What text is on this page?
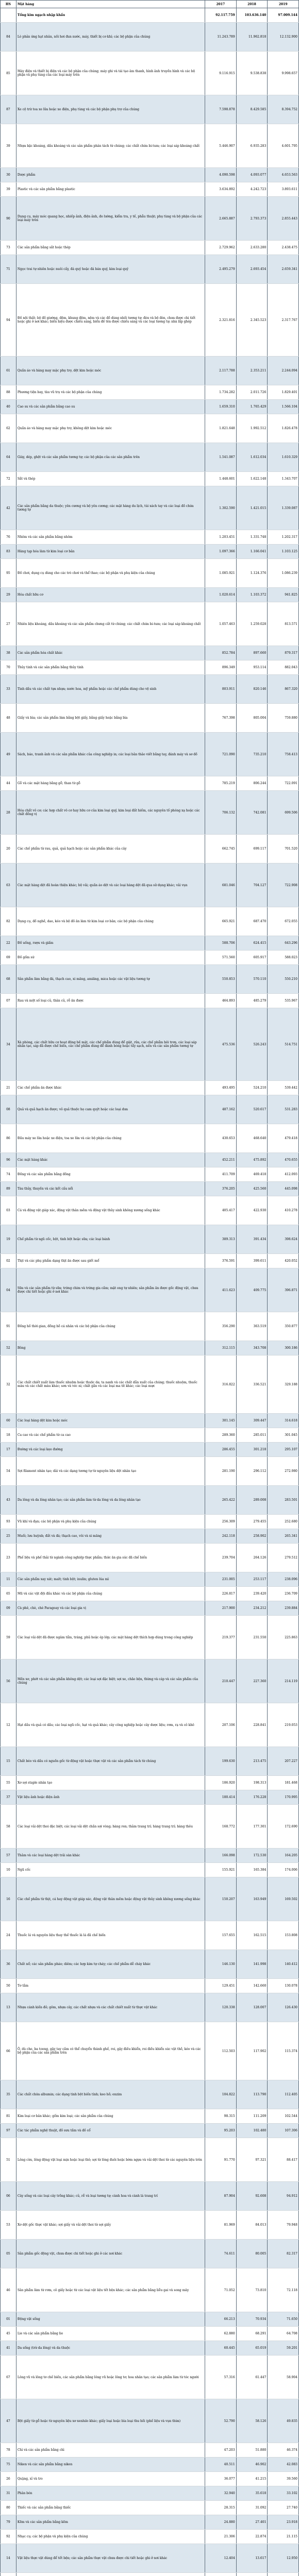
HS	Mặt hàng	2017	2018	2019
	Tổng kim ngạch nhập khẩu	92.117.759	103.636.140	97.009.144
84	Lò phản ứng hạt nhân, nồi hơi đun nước, máy, thiết bị cơ khí; các bộ phận của chúng	11.243.789	11.962.818	12.132.900
85	Máy điện và thiết bị điện và các bộ phận của chúng; máy ghi và tái tạo âm thanh, hình ảnh truyền hình và các bộ phận và phụ tùng của các loại máy trên	9.116.915	9.538.838	9.998.657
87	Xe cộ trừ toa xe lửa hoặc xe điện, phụ tùng và các bộ phận phụ trợ của chúng	7.598.878	8.429.585	8.394.752
39	Nhựa bậc khoáng, dầu khoáng và các sản phẩm phân tách từ chúng; các chất chứa bi-tum; các loại sáp khoáng chất	5.446.907	6.935.283	4.601.795
30	Dược phẩm	4.090.598	4.093.077	4.653.563
39	Plastic và các sản phẩm bằng plastic	3.634.892	4.242.723	3.893.611
90	Dụng cụ, máy móc quang học, nhiếp ảnh, điện ảnh, đo lường, kiểm tra, y tế, phẫu thuật; phụ tùng và bộ phận của các loại máy trên	2.665.887	2.793.373	2.855.443
73	Các sản phẩm bằng sắt hoặc thép	2.729.962	2.633.280	2.438.475
71	Ngọc trai tự nhiên hoặc nuôi cấy, đá quý hoặc đá bán quý, kim loại quý	2.495.279	2.693.454	2.659.341
94	Đồ nội thất; bộ đồ giường, đệm, khung đệm, nệm và các đồ dùng nhồi tương tự; đèn và bộ đèn, chưa được chi tiết hoặc ghi ở nơi khác; biển hiệu được chiếu sáng, biển đề tên được chiếu sáng và các loại tương tự; nhà lắp ghép	2.321.816	2.345.523	2.317.767
61	Quần áo và hàng may mặc phụ trợ, dệt kim hoặc móc	2.117.788	2.353.211	2.244.094
88	Phương tiện bay, tàu vũ trụ và các bộ phận của chúng	1.734.282	2.011.726	1.829.401
40	Cao su và các sản phẩm bằng cao su	1.659.310	1.765.429	1.566.104
62	Quần áo và hàng may mặc phụ trợ, không dệt kim hoặc móc	1.821.648	1.992.512	1.826.478
64	Giày, dép, ghệt và các sản phẩm tương tự; các bộ phận của các sản phẩm trên	1.541.087	1.612.034	1.610.329
72	Sắt và thép	1.448.601	1.622.148	1.343.707
42	Các sản phẩm bằng da thuộc; yên cương và bộ yên cương; các mặt hàng du lịch, túi xách tay và các loại đồ chứa tương tự	1.302.590	1.421.015	1.339.087
76	Nhôm và các sản phẩm bằng nhôm	1.203.451	1.331.748	1.202.317
83	Hàng tạp hóa làm từ kim loại cơ bản	1.097.366	1.166.041	1.103.125
95	Đồ chơi, dụng cụ dùng cho các trò chơi và thể thao; các bộ phận và phụ kiện của chúng	1.085.921	1.124.376	1.086.239
29	Hóa chất hữu cơ	1.020.614	1.103.372	941.825
27	Nhiên liệu khoáng, dầu khoáng và các sản phẩm chưng cất từ chúng; các chất chứa bi-tum; các loại sáp khoáng chất	1.057.463	1.259.028	813.571
38	Các sản phẩm hóa chất khác	852.784	897.660	879.317
70	Thủy tinh và các sản phẩm bằng thủy tinh	896.349	953.114	882.043
33	Tinh dầu và các chất tựa nhựa; nước hoa, mỹ phẩm hoặc các chế phẩm dùng cho vệ sinh	803.911	820.146	867.320
48	Giấy và bìa; các sản phẩm làm bằng bột giấy, bằng giấy hoặc bằng bìa	767.398	805.004	759.880
49	Sách, báo, tranh ảnh và các sản phẩm khác của công nghiệp in; các loại bản thảo viết bằng tay, đánh máy và sơ đồ	721.090	735.210	758.413
44	Gỗ và các mặt hàng bằng gỗ; than từ gỗ	785.219	806.244	722.091
28	Hóa chất vô cơ; các hợp chất vô cơ hay hữu cơ của kim loại quý, kim loại đất hiếm, các nguyên tố phóng xạ hoặc các chất đồng vị	706.132	742.081	699.506
20	Các chế phẩm từ rau, quả, quả hạch hoặc các sản phẩm khác của cây	662.745	699.117	701.520
63	Các mặt hàng dệt đã hoàn thiện khác; bộ vải; quần áo dệt và các loại hàng dệt đã qua sử dụng khác; vải vụn	681.046	704.127	722.908
82	Dụng cụ, đồ nghề, dao, kéo và bộ đồ ăn làm từ kim loại cơ bản; các bộ phận của chúng	665.921	687.470	672.055
22	Đồ uống, rượu và giấm	588.706	624.415	643.296
69	Đồ gốm sứ	571.560	605.917	588.023
68	Sản phẩm làm bằng đá, thạch cao, xi măng, amiăng, mica hoặc các vật liệu tương tự	550.853	570.110	550.210
07	Rau và một số loại củ, thân củ, rễ ăn được	464.893	485.279	535.967
34	Xà phòng, các chất hữu cơ hoạt động bề mặt, các chế phẩm dùng để giặt, rửa, các chế phẩm bôi trơn, các loại sáp nhân tạo, sáp đã được chế biến, các chế phẩm dùng để đánh bóng hoặc tẩy sạch, nến và các sản phẩm tương tự	475.536	526.243	514.751
21	Các chế phẩm ăn được khác	493.495	524.210	539.442
08	Quả và quả hạch ăn được; vỏ quả thuộc họ cam quýt hoặc các loại dưa	487.162	520.617	531.283
86	Đầu máy xe lửa hoặc xe điện, toa xe lửa và các bộ phận của chúng	430.653	468.640	479.418
96	Các mặt hàng khác	452.211	475.892	470.655
74	Đồng và các sản phẩm bằng đồng	411.709	469.418	412.093
89	Tàu thủy, thuyền và các kết cấu nổi	376.205	425.560	445.098
03	Cá và động vật giáp xác, động vật thân mềm và động vật thủy sinh không xương sống khác	405.417	422.930	410.278
19	Chế phẩm từ ngũ cốc, bột, tinh bột hoặc sữa; các loại bánh	389.313	391.434	398.624
02	Thịt và các phụ phẩm dạng thịt ăn được sau giết mổ	376.591	399.611	420.052
04	Sữa và các sản phẩm từ sữa; trứng chim và trứng gia cầm; mật ong tự nhiên; sản phẩm ăn được gốc động vật, chưa được chi tiết hoặc ghi ở nơi khác	411.623	409.775	396.871
91	Đồng hồ thời gian, đồng hồ cá nhân và các bộ phận của chúng	356.290	363.519	350.877
52	Bông	312.115	343.708	300.186
32	Các chất chiết xuất làm thuốc nhuộm hoặc thuộc da; ta nanh và các chất dẫn xuất của chúng; thuốc nhuộm, thuốc màu và các chất màu khác; sơn và véc ni; chất gắn và các loại ma tít khác; các loại mực	316.822	336.521	329.188
60	Các loại hàng dệt kim hoặc móc	301.145	309.447	314.618
18	Ca cao và các chế phẩm từ ca cao	289.360	285.011	301.045
17	Đường và các loại kẹo đường	286.455	301.218	295.107
54	Sợi filament nhân tạo; dải và các dạng tương tự từ nguyên liệu dệt nhân tạo	281.190	296.112	272.980
43	Da lông và da lông nhân tạo; các sản phẩm làm từ da lông và da lông nhân tạo	265.422	289.008	283.501
93	Vũ khí và đạn; các bộ phận và phụ kiện của chúng	256.309	279.455	252.680
25	Muối; lưu huỳnh; đất và đá; thạch cao, vôi và xi măng	242.118	258.902	265.341
23	Phế liệu và phế thải từ ngành công nghiệp thực phẩm; thức ăn gia súc đã chế biến	239.704	264.126	279.512
11	Các sản phẩm xay xát; malt; tinh bột; inulin; gluten lúa mì	231.005	253.117	238.096
65	Mũ và các vật đội đầu khác và các bộ phận của chúng	226.817	239.420	236.709
09	Cà phê, chè, chè Paragoay và các loại gia vị	217.900	234.212	239.884
59	Các loại vải dệt đã được ngâm tẩm, tráng, phủ hoặc ép lớp; các mặt hàng dệt thích hợp dùng trong công nghiệp	219.377	231.550	225.863
56	Mền xơ, phớt và các sản phẩm không dệt; các loại sợi đặc biệt; sợi xe, chão bện, thừng và cáp và các sản phẩm của chúng	210.447	227.360	214.119
12	Hạt dầu và quả có dầu; các loại ngũ cốc, hạt và quả khác; cây công nghiệp hoặc cây dược liệu; rơm, rạ và cỏ khô	207.106	228.841	219.053
15	Chất béo và dầu có nguồn gốc từ động vật hoặc thực vật và các sản phẩm tách từ chúng	199.630	213.475	207.227
55	Xơ sợi staple nhân tạo	186.920	198.313	181.468
37	Vật liệu ảnh hoặc điện ảnh	180.414	176.228	170.995
58	Các loại vải dệt thoi đặc biệt; các loại vải dệt chần sợi vòng; hàng ren; thảm trang trí; hàng trang trí; hàng thêu	168.772	177.301	172.690
57	Thảm và các loại hàng dệt trải sàn khác	166.098	172.530	164.205
10	Ngũ cốc	155.921	165.384	174.006
16	Các chế phẩm từ thịt, cá hay động vật giáp xác, động vật thân mềm hoặc động vật thủy sinh không xương sống khác	150.207	163.949	169.502
24	Thuốc lá và nguyên liệu thay thế thuốc lá lá đã chế biến	157.655	162.515	153.808
36	Chất nổ; các sản phẩm pháo; diêm; các hợp kim tự cháy; các chế phẩm dễ cháy khác	146.130	141.998	140.412
50	Tơ tằm	129.451	142.660	130.078
13	Nhựa cánh kiến đỏ; gôm, nhựa cây, các chất nhựa và các chất chiết xuất từ thực vật khác	120.338	128.007	126.430
66	Ô, dù che, ba toong, gậy tay cầm có thể chuyển thành ghế, roi, gậy điều khiển, roi điều khiển súc vật thồ, kéo và các bộ phận của các sản phẩm trên	112.503	117.902	115.374
35	Các chất chứa albumin; các dạng tinh bột biến tính; keo hồ; enzim	104.822	113.790	112.405
81	Kim loại cơ bản khác; gốm kim loại; các sản phẩm của chúng	98.315	111.209	102.544
97	Các tác phẩm nghệ thuật, đồ sưu tầm và đồ cổ	95.203	102.480	107.306
51	Lông cừu, lông động vật loại mịn hoặc loại thô; sợi từ lông đuôi hoặc bờm ngựa và vải dệt thoi từ các nguyên liệu trên	91.770	97.321	88.417
06	Cây sống và các loại cây trồng khác; củ, rễ và loại tương tự; cành hoa và cành lá trang trí	87.904	92.608	94.912
53	Xơ dệt gốc thực vật khác; sợi giấy và vải dệt thoi từ sợi giấy	81.969	84.013	79.948
05	Sản phẩm gốc động vật, chưa được chi tiết hoặc ghi ở các nơi khác	74.611	80.005	82.317
46	Sản phẩm làm từ rơm, cỏ giấy hoặc từ các loại vật liệu tết bện khác; các sản phẩm bằng liễu gai và song mây	71.052	73.810	72.118
01	Động vật sống	66.213	70.934	71.650
45	Lie và các sản phẩm bằng lie	62.880	68.291	64.708
41	Da sống (trừ da lông) và da thuộc	60.445	65.019	59.201
67	Lông vũ và lông tơ chế biến, các sản phẩm bằng lông vũ hoặc lông tơ; hoa nhân tạo; các sản phẩm làm từ tóc người	57.316	61.447	58.904
47	Bột giấy từ gỗ hoặc từ nguyên liệu xơ xenlulo khác; giấy loại hoặc bìa loại thu hồi (phế liệu và vụn thừa)	52.790	58.126	49.835
78	Chì và các sản phẩm bằng chì	47.203	51.880	46.374
75	Niken và các sản phẩm bằng niken	40.511	46.902	42.083
26	Quặng, xỉ và tro	36.077	41.215	39.560
31	Phân bón	32.940	35.618	33.102
80	Thiếc và các sản phẩm bằng thiếc	28.315	31.092	27.740
79	Kẽm và các sản phẩm bằng kẽm	24.880	27.401	23.918
92	Nhạc cụ; các bộ phận và phụ kiện của chúng	21.306	22.874	21.115
14	Vật liệu thực vật dùng để tết bện; các sản phẩm thực vật chưa được chi tiết hoặc ghi ở nơi khác	12.404	13.617	12.950
